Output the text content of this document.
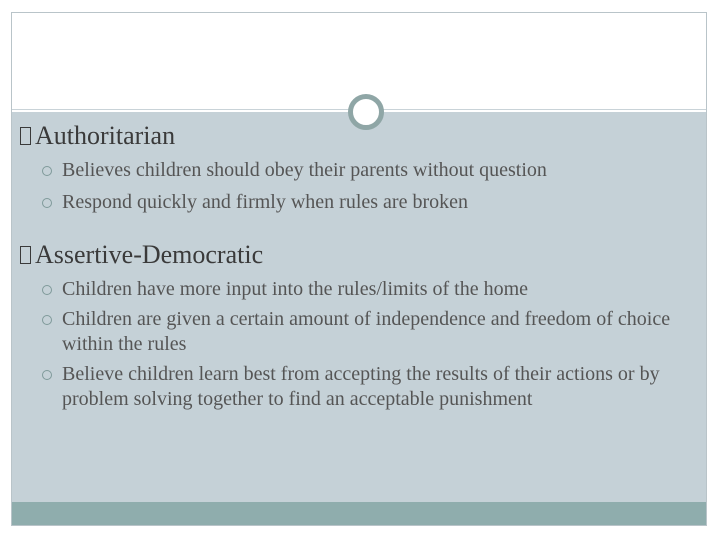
Authoritarian
Believes children should obey their parents without question
Respond quickly and firmly when rules are broken
Assertive-Democratic
Children have more input into the rules/limits of the home
Children are given a certain amount of independence and freedom of choice within the rules
Believe children learn best from accepting the results of their actions or by problem solving together to find an acceptable punishment
